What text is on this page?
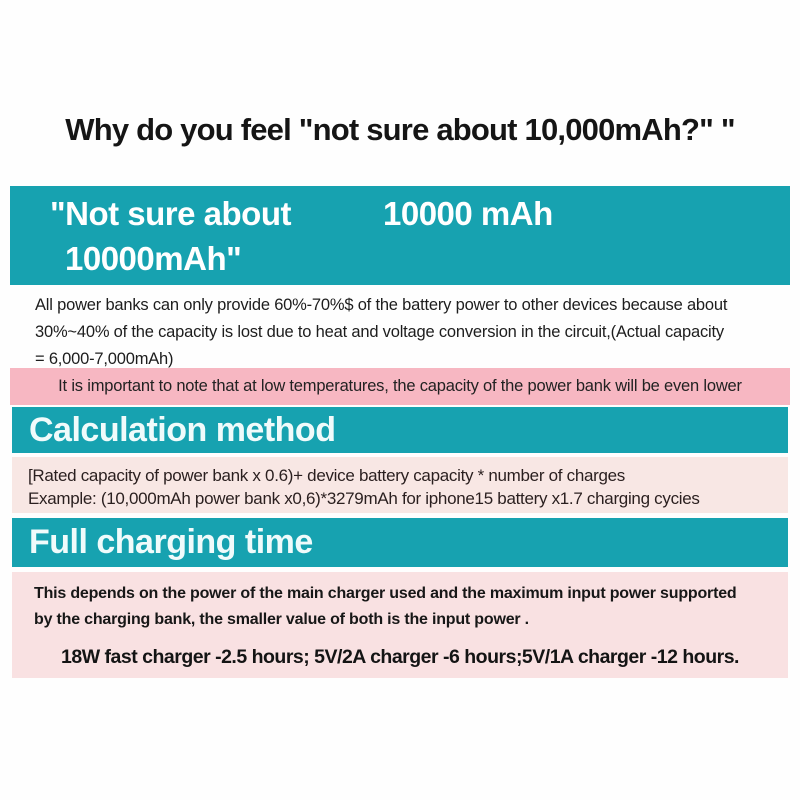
Why do you feel "not sure about 10,000mAh?" "
"Not sure about	10000 mAh
10000mAh"
All power banks can only provide 60%-70%$ of the battery power to other devices because about
30%~40% of the capacity is lost due to heat and voltage conversion in the circuit,(Actual capacity
= 6,000-7,000mAh)
It is important to note that at low temperatures, the capacity of the power bank will be even lower
Calculation method
[Rated capacity of power bank x 0.6)+ device battery capacity * number of charges
Example: (10,000mAh power bank x0,6)*3279mAh for iphone15 battery x1.7 charging cycies
Full charging time
This depends on the power of the main charger used and the maximum input power supported
by the charging bank, the smaller value of both is the input power .
18W fast charger -2.5 hours; 5V/2A charger -6 hours;5V/1A charger -12 hours.
